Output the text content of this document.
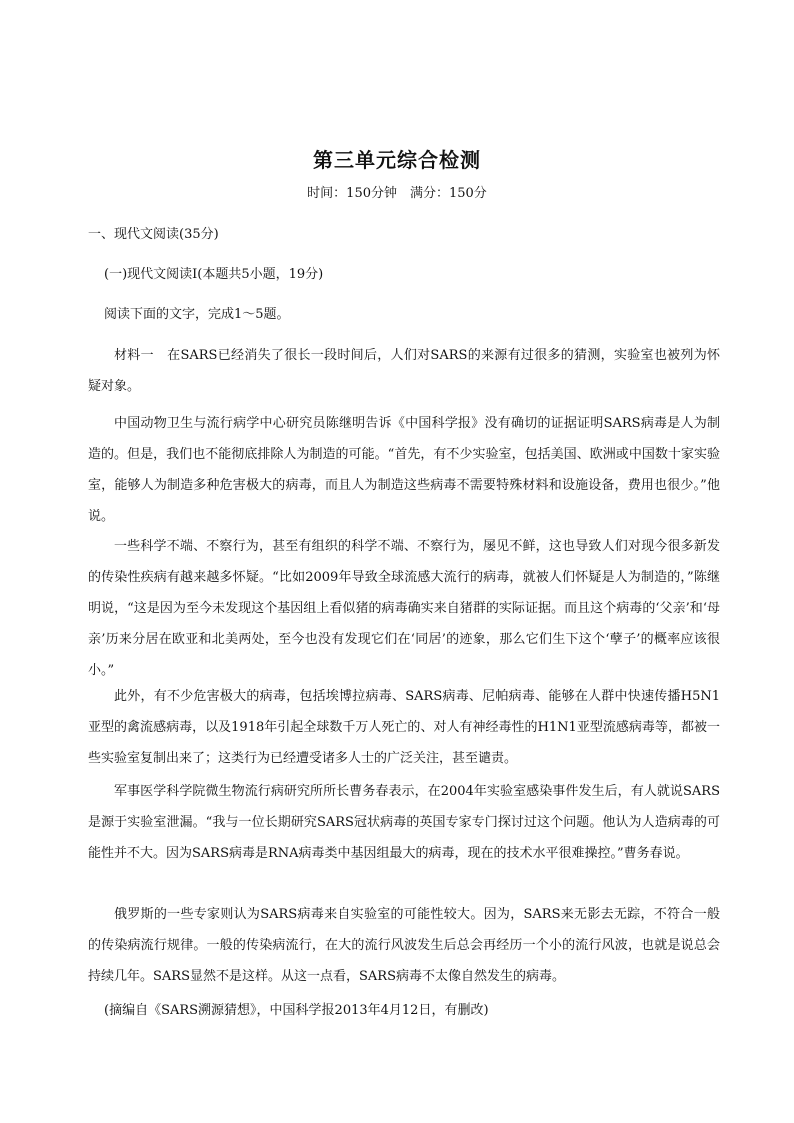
第三单元综合检测
时间：150分钟　满分：150分
一、现代文阅读(35分)
(一)现代文阅读Ⅰ(本题共5小题，19分)
阅读下面的文字，完成1～5题。

材料一　在SARS已经消失了很长一段时间后，人们对SARS的来源有过很多的猜测，实验室也被列为怀疑对象。

中国动物卫生与流行病学中心研究员陈继明告诉《中国科学报》没有确切的证据证明SARS病毒是人为制造的。但是，我们也不能彻底排除人为制造的可能。“首先，有不少实验室，包括美国、欧洲或中国数十家实验室，能够人为制造多种危害极大的病毒，而且人为制造这些病毒不需要特殊材料和设施设备，费用也很少。”他说。

一些科学不端、不察行为，甚至有组织的科学不端、不察行为，屡见不鲜，这也导致人们对现今很多新发的传染性疾病有越来越多怀疑。“比如2009年导致全球流感大流行的病毒，就被人们怀疑是人为制造的，”陈继明说，“这是因为至今未发现这个基因组上看似猪的病毒确实来自猪群的实际证据。而且这个病毒的‘父亲’和‘母亲’历来分居在欧亚和北美两处，至今也没有发现它们在‘同居’的迹象，那么它们生下这个‘孽子’的概率应该很小。”

此外，有不少危害极大的病毒，包括埃博拉病毒、SARS病毒、尼帕病毒、能够在人群中快速传播H5N1亚型的禽流感病毒，以及1918年引起全球数千万人死亡的、对人有神经毒性的H1N1亚型流感病毒等，都被一些实验室复制出来了；这类行为已经遭受诸多人士的广泛关注，甚至谴责。

军事医学科学院微生物流行病研究所所长曹务春表示，在2004年实验室感染事件发生后，有人就说SARS是源于实验室泄漏。“我与一位长期研究SARS冠状病毒的英国专家专门探讨过这个问题。他认为人造病毒的可能性并不大。因为SARS病毒是RNA病毒类中基因组最大的病毒，现在的技术水平很难操控。”曹务春说。

俄罗斯的一些专家则认为SARS病毒来自实验室的可能性较大。因为，SARS来无影去无踪，不符合一般的传染病流行规律。一般的传染病流行，在大的流行风波发生后总会再经历一个小的流行风波，也就是说总会持续几年。SARS显然不是这样。从这一点看，SARS病毒不太像自然发生的病毒。

(摘编自《SARS溯源猜想》，中国科学报2013年4月12日，有删改)
